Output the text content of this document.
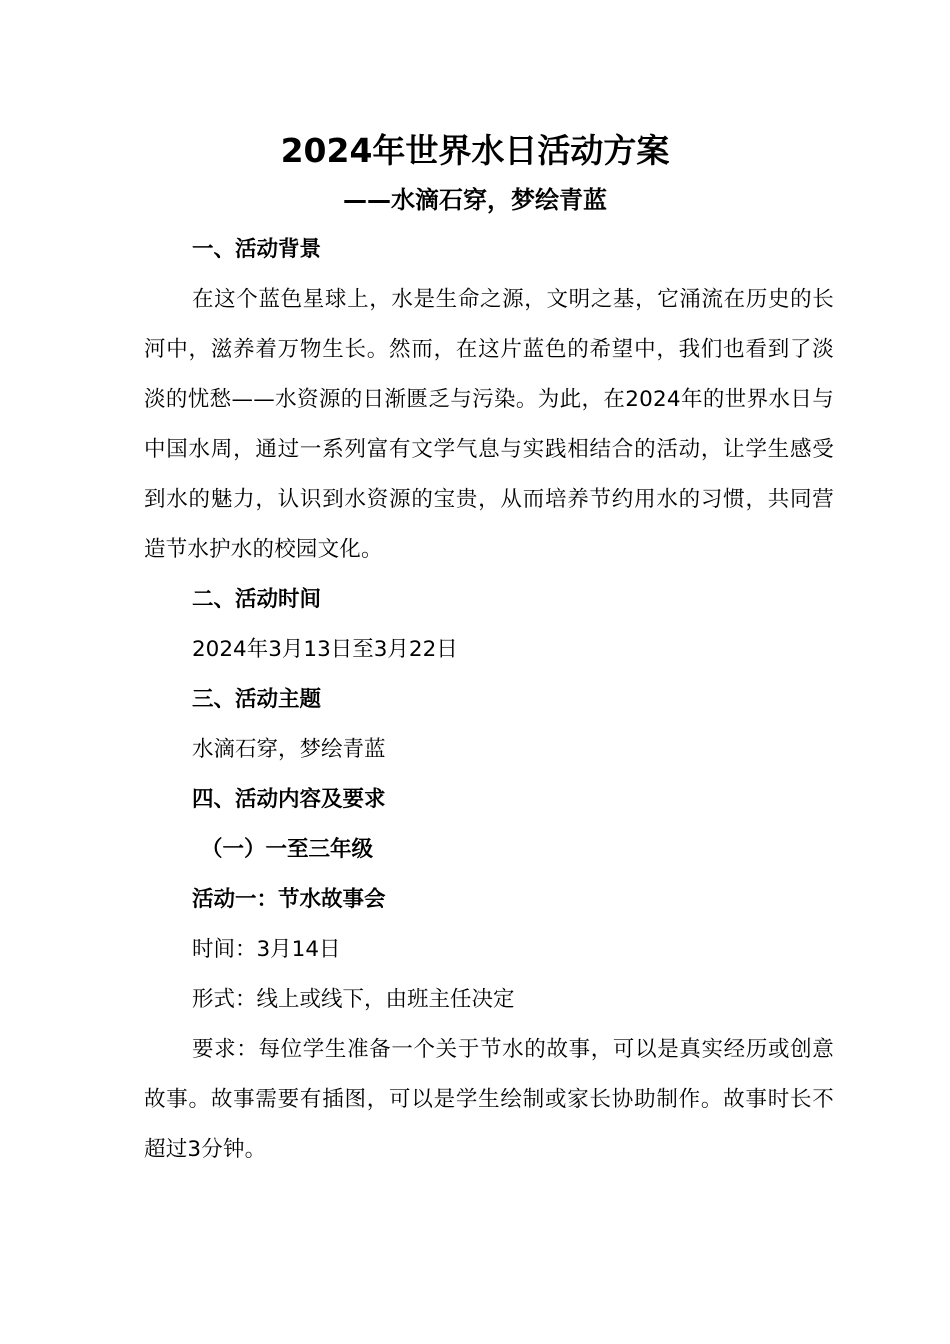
2024年世界水日活动方案
——水滴石穿，梦绘青蓝

一、活动背景

在这个蓝色星球上，水是生命之源，文明之基，它涌流在历史的长河中，滋养着万物生长。然而，在这片蓝色的希望中，我们也看到了淡淡的忧愁——水资源的日渐匮乏与污染。为此，在2024年的世界水日与中国水周，通过一系列富有文学气息与实践相结合的活动，让学生感受到水的魅力，认识到水资源的宝贵，从而培养节约用水的习惯，共同营造节水护水的校园文化。

二、活动时间

2024年3月13日至3月22日

三、活动主题

水滴石穿，梦绘青蓝

四、活动内容及要求

（一）一至三年级

活动一：节水故事会

时间：3月14日

形式：线上或线下，由班主任决定

要求：每位学生准备一个关于节水的故事，可以是真实经历或创意故事。故事需要有插图，可以是学生绘制或家长协助制作。故事时长不超过3分钟。
